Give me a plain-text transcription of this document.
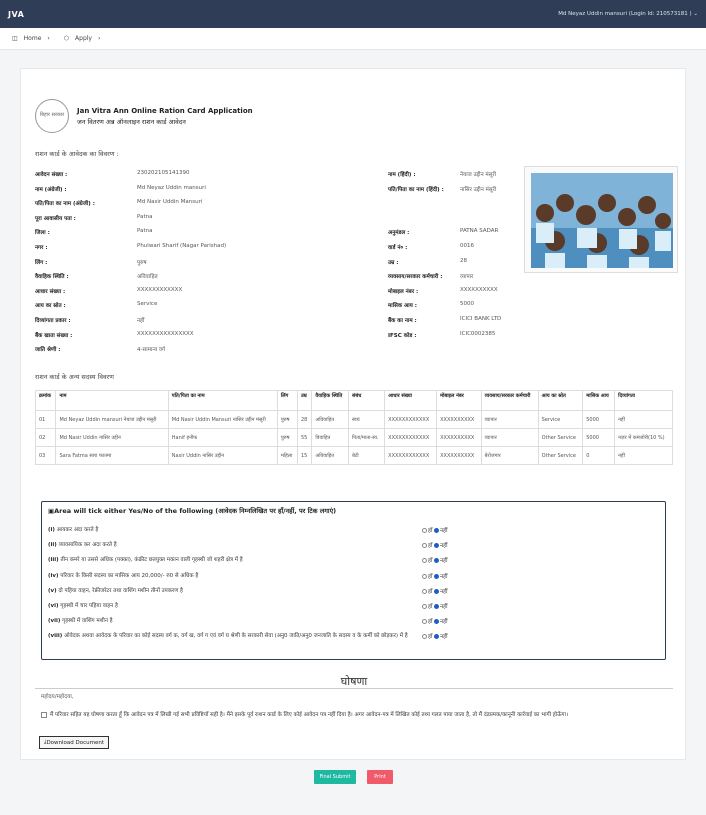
JVA	Md Neyaz Uddin mansuri (Login Id: 210573181 ) ⌄
◫ Home › ⬡ Apply ›
बिहार सरकार
Jan Vitra Ann Online Ration Card Application
जन वितरण अन्न ऑनलाइन राशन कार्ड आवेदन
राशन कार्ड के आवेदक का विवरण :
आवेदन संख्या :	230202105141390
नाम (अंग्रेजी) :	Md Neyaz Uddin mansuri
पति/पिता का नाम (अंग्रेजी) :	Md Nasir Uddin Mansuri
पूरा आवासीय पता :	Patna
जिला :	Patna
नगर :	Phulwari Sharif (Nagar Parishad)
लिंग :	पुरुष
वैवाहिक स्थिति :	अविवाहित
आधार संख्या :	XXXXXXXXXXXX
आय का स्रोत :	Service
दिव्यांगता प्रकार :	नहीं
बैंक खाता संख्या :	XXXXXXXXXXXXXXX
जाति श्रेणी :	4-सामान्य वर्ग
नाम (हिंदी) :	नेयाज उद्दीन मंसूरी
पति/पिता का नाम (हिंदी) :	नासिर उद्दीन मंसूरी
अनुमंडल :	PATNA SADAR
वार्ड नं० :	0016
उम्र :	28
व्यवसाय/सरकार कर्मचारी :	व्यापार
मोबाइल नंबर :	XXXXXXXXXX
मासिक आय :	5000
बैंक का नाम :	ICICI BANK LTD
IFSC कोड :	ICIC0002385
राशन कार्ड के अन्य सदस्य विवरण
क्रमांक	नाम	पति/पिता का नाम	लिंग	उम्र	वैवाहिक स्थिति	संबंध	आधार संख्या	मोबाइल नंबर	व्यवसाय/सरकार कर्मचारी	आय का स्रोत	मासिक आय	दिव्यांगता
01	Md Neyaz Uddin mansuri नेयाज उद्दीन मंसूरी	Md Nasir Uddin Mansuri नासिर उद्दीन मंसूरी	पुरुष	28	अविवाहित	स्वयं	XXXXXXXXXXXX	XXXXXXXXXX	व्यापार	Service	5000	नहीं
02	Md Nasir Uddin नासिर उद्दीन	Hanif हनीफ	पुरुष	55	विवाहित	पिता/माता-स्व.	XXXXXXXXXXXX	XXXXXXXXXX	व्यापार	Other Service	5000	नज़र में कमजोरी(10 %)
03	Sara Fatma सारा फातमा	Nasir Uddin नासिर उद्दीन	महिला	15	अविवाहित	बेटी	XXXXXXXXXXXX	XXXXXXXXXX	बेरोजगार	Other Service	0	नहीं
▣Area will tick either Yes/No of the following (आवेदक निम्नलिखित पर हाँ/नहीं, पर टिक लगाएं)
(i) आयकर अदा करते है	हाँ नहीं
(ii) व्यावसायिक कर अदा करते है	हाँ नहीं
(iii) तीन कमरे या उससे अधिक (पक्का), कंक्रीट छतयुक्त मकान वाली गृहस्थी जो शहरी क्षेत्र में है	हाँ नहीं
(iv) परिवार के किसी सदस्य का मासिक आय 20,000/- रु0 से अधिक है	हाँ नहीं
(v) दो पहिया वाहन, रेफ्रीजरेटर तथा वाशिंग मशीन तीनों उपकरण है	हाँ नहीं
(vi) गृहस्थी में चार पहिया वाहन है	हाँ नहीं
(vii) गृहस्थी में वाशिंग मशीन है	हाँ नहीं
(viii) ओवेदक अथवा आवेदक के परिवार का कोई सदस्य वर्ग क, वर्ग ख, वर्ग ग एवं वर्ग घ श्रेणी के सरकारी सेवा (अनु0 जाति/अनु0 जनजाति के सदस्य व के कर्मी को छोड़कर) में है	हाँ नहीं
घोषणा
महोदय/महोदया,
मैं परिवार सहित यह घोषणा करता हूँ कि आवेदन पत्र में लिखी गई सभी प्रविष्टियाँ सही है। मैंने इसके पूर्व राशन कार्ड के लिए कोई आवेदन पत्र नहीं दिया है। अगर आवेदन-पत्र में लिखित कोई तथ्य गलत पाया जाता है, तो मैं दंडात्मक/कानूनी कार्रवाई का भागी होऊँगा।
⤓ Download Document
Final Submit	Print
